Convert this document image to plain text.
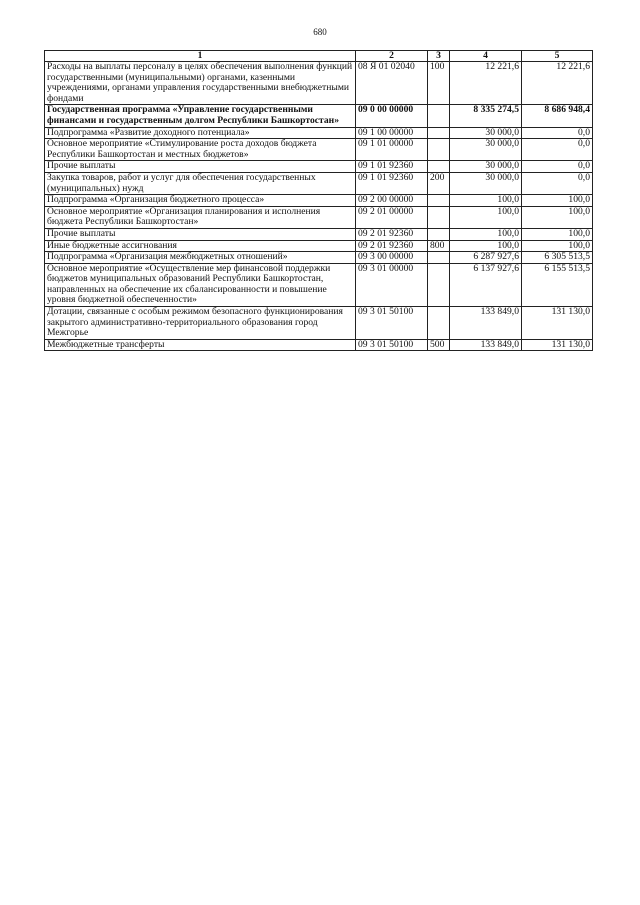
680
1	2	3	4	5
Расходы на выплаты персоналу в целях обеспечения выполнения функций государственными (муниципальными) органами, казенными учреждениями, органами управления государственными внебюджетными фондами	08 Я 01 02040	100	12 221,6	12 221,6
Государственная программа «Управление государственными финансами и государственным долгом Республики Башкортостан»	09 0 00 00000		8 335 274,5	8 686 948,4
Подпрограмма «Развитие доходного потенциала»	09 1 00 00000		30 000,0	0,0
Основное мероприятие «Стимулирование роста доходов бюджета Республики Башкортостан и местных бюджетов»	09 1 01 00000		30 000,0	0,0
Прочие выплаты	09 1 01 92360		30 000,0	0,0
Закупка товаров, работ и услуг для обеспечения государственных (муниципальных) нужд	09 1 01 92360	200	30 000,0	0,0
Подпрограмма «Организация бюджетного процесса»	09 2 00 00000		100,0	100,0
Основное мероприятие «Организация планирования и исполнения бюджета Республики Башкортостан»	09 2 01 00000		100,0	100,0
Прочие выплаты	09 2 01 92360		100,0	100,0
Иные бюджетные ассигнования	09 2 01 92360	800	100,0	100,0
Подпрограмма «Организация межбюджетных отношений»	09 3 00 00000		6 287 927,6	6 305 513,5
Основное мероприятие «Осуществление мер финансовой поддержки бюджетов муниципальных образований Республики Башкортостан, направленных на обеспечение их сбалансированности и повышение уровня бюджетной обеспеченности»	09 3 01 00000		6 137 927,6	6 155 513,5
Дотации, связанные с особым режимом безопасного функционирования закрытого административно-территориального образования город Межгорье	09 3 01 50100		133 849,0	131 130,0
Межбюджетные трансферты	09 3 01 50100	500	133 849,0	131 130,0
